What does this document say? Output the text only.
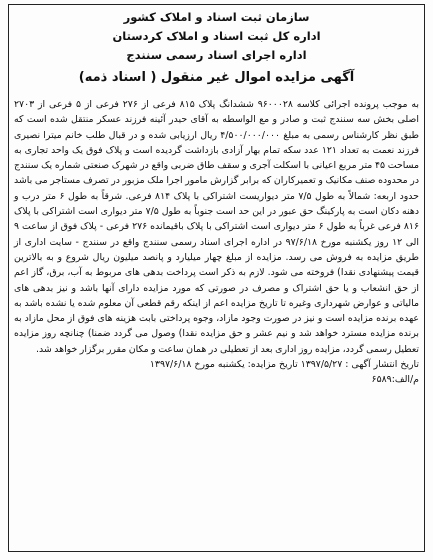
سازمان ثبت اسناد و املاک کشور
اداره کل ثبت اسناد و املاک کردستان
اداره اجرای اسناد رسمی سنندج
آگهی مزایده اموال غیر منقول ( اسناد ذمه)
به موجب پرونده اجرائی کلاسه ۹۶۰۰۰۲۸ ششدانگ پلاک ۸۱۵ فرعی از ۲۷۶ فرعی از ۵ فرعی از ۲۷۰۳ اصلی بخش سه سنندج ثبت و صادر و مع الواسطه به آقای حیدر آئینه فرزند عسکر منتقل شده است که طبق نظر کارشناس رسمی به مبلغ ۴/۵۰۰/۰۰۰/۰۰۰ ریال ارزیابی شده و در قبال طلب خانم میترا نصیری فرزند نعمت به تعداد ۱۲۱ عدد سکه تمام بهار آزادی بازداشت گردیده است و پلاک فوق یک واحد تجاری به مساحت ۴۵ متر مربع اعیانی با اسکلت آجری و سقف طاق ضربی واقع در شهرک صنعتی شماره یک سنندج در محدوده صنف مکانیک و تعمیرکاران که برابر گزارش مامور اجرا ملک مزبور در تصرف مستاجر می باشد حدود اربعه: شمالاً به طول ۷/۵ متر دیواریست اشتراکی با پلاک ۸۱۴ فرعی. شرقاً به طول ۶ متر درب و دهنه دکان است به پارکینگ حق عبور در این حد است جنوباً به طول ۷/۵ متر دیواری است اشتراکی با پلاک ۸۱۶ فرعی غرباً به طول ۶ متر دیواری است اشتراکی با پلاک باقیمانده ۲۷۶ فرعی - پلاک فوق از ساعت ۹ الی ۱۲ روز یکشنبه مورخ ۹۷/۶/۱۸ در اداره اجرای اسناد رسمی سنندج واقع در سنندج - سایت اداری از طریق مزایده به فروش می رسد. مزایده از مبلغ چهار میلیارد و پانصد میلیون ریال شروع و به بالاترین قیمت پیشنهادی نقدا) فروخته می شود. لازم به ذکر است پرداخت بدهی های مربوط به آب، برق، گاز اعم از حق انشعاب و یا حق اشتراک و مصرف در صورتی که مورد مزایده دارای آنها باشد و نیز بدهی های مالیاتی و عوارض شهرداری وغیره تا تاریخ مزایده اعم از اینکه رقم قطعی آن معلوم شده یا نشده باشد به عهده برنده مزایده است و نیز در صورت وجود مازاد، وجوه پرداختی بابت هزینه های فوق از محل مازاد به برنده مزایده مسترد خواهد شد و نیم عشر و حق مزایده نقدا) وصول می گردد ضمنا) چنانچه روز مزایده تعطیل رسمی گردد، مزایده روز اداری بعد از تعطیلی در همان ساعت و مکان مقرر برگزار خواهد شد.
تاریخ انتشار آگهی : ۱۳۹۷/۵/۲۷ تاریخ مزایده: یکشنبه مورخ ۱۳۹۷/۶/۱۸
م/الف:۶۵۸۹
